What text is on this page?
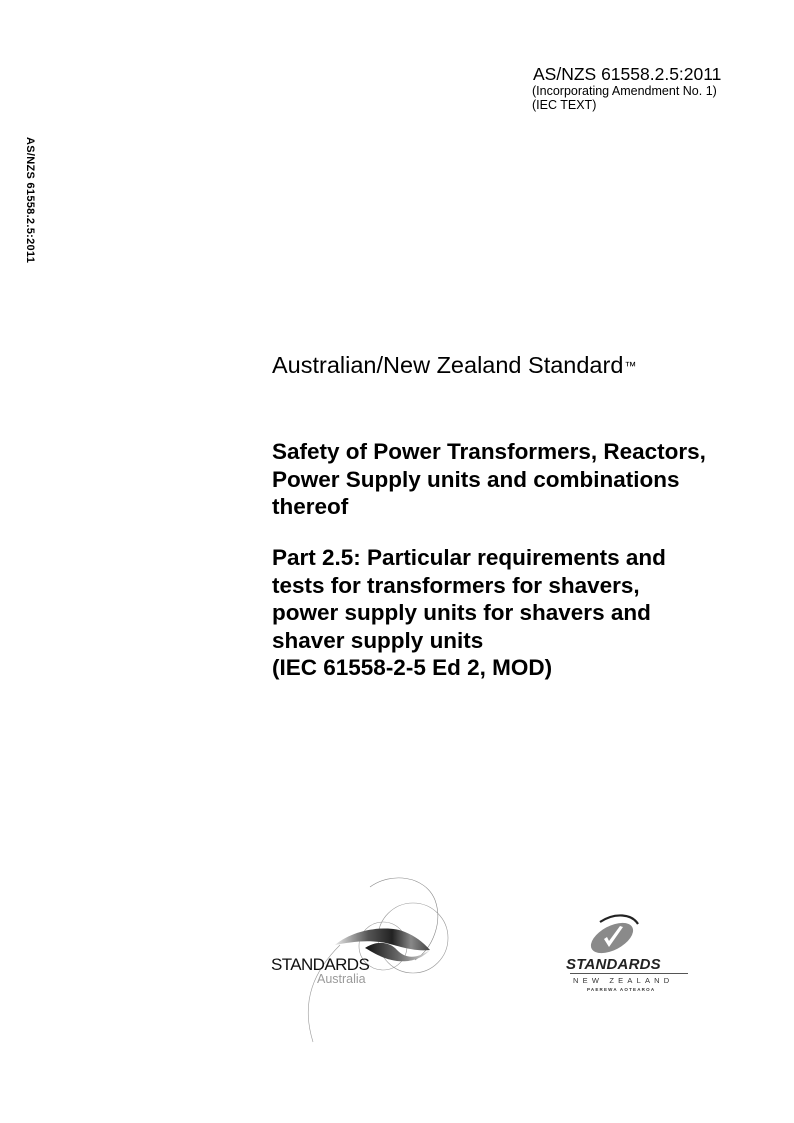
AS/NZS 61558.2.5:2011

(Incorporating Amendment No. 1)

(IEC TEXT)

AS/NZS 61558.2.5:2011
Australian/New Zealand Standard™

Safety of Power Transformers, Reactors,

Power Supply units and combinations

thereof

Part 2.5: Particular requirements and

tests for transformers for shavers,

power supply units for shavers and

shaver supply units

(IEC 61558-2-5 Ed 2, MOD)

STANDARDS
Australia
STANDARDS
NEW ZEALAND
PAEREWA AOTEAROA
